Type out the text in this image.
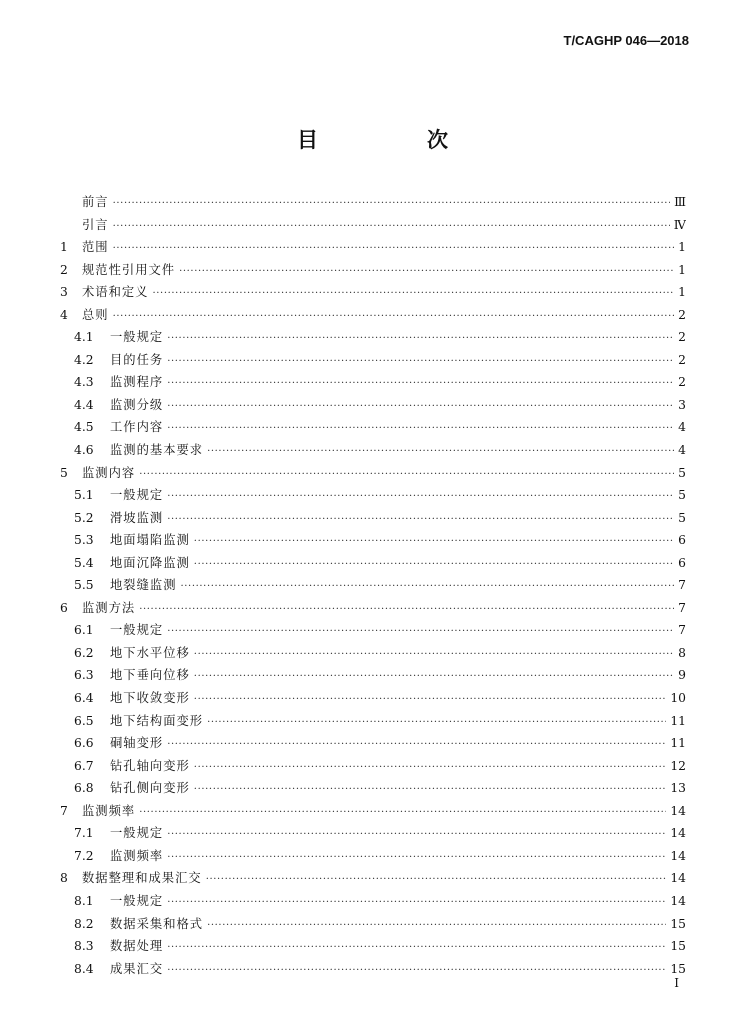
T/CAGHP 046—2018
目　次
前言 ·····	Ⅲ
引言 ·····	Ⅳ
1	范围 ·····	1
2	规范性引用文件 ·····	1
3	术语和定义 ·····	1
4	总则 ·····	2
4.1	一般规定 ·····	2
4.2	目的任务 ·····	2
4.3	监测程序 ·····	2
4.4	监测分级 ·····	3
4.5	工作内容 ·····	4
4.6	监测的基本要求 ·····	4
5	监测内容 ·····	5
5.1	一般规定 ·····	5
5.2	滑坡监测 ·····	5
5.3	地面塌陷监测 ·····	6
5.4	地面沉降监测 ·····	6
5.5	地裂缝监测 ·····	7
6	监测方法 ·····	7
6.1	一般规定 ·····	7
6.2	地下水平位移 ·····	8
6.3	地下垂向位移 ·····	9
6.4	地下收敛变形 ·····	10
6.5	地下结构面变形 ·····	11
6.6	硐轴变形 ·····	11
6.7	钻孔轴向变形 ·····	12
6.8	钻孔侧向变形 ·····	13
7	监测频率 ·····	14
7.1	一般规定 ·····	14
7.2	监测频率 ·····	14
8	数据整理和成果汇交 ·····	14
8.1	一般规定 ·····	14
8.2	数据采集和格式 ·····	15
8.3	数据处理 ·····	15
8.4	成果汇交 ·····	15
Ⅰ
